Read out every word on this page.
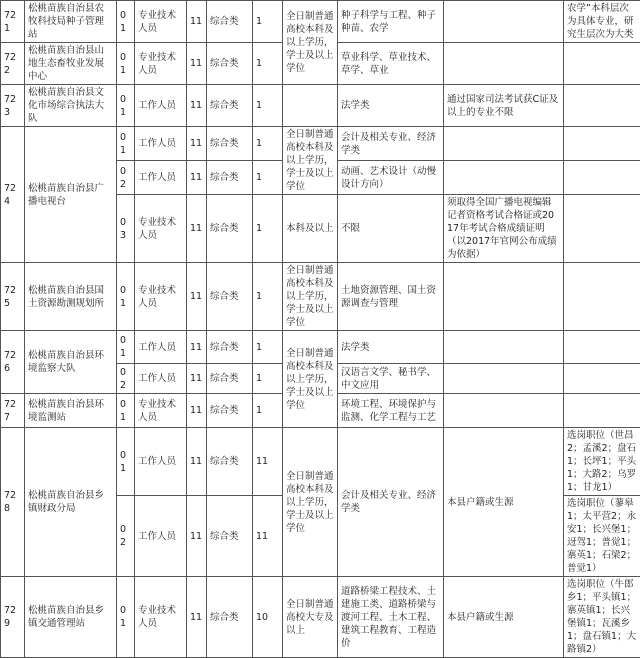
721	松桃苗族自治县农牧科技局种子管理站	01	专业技术人员	11	综合类	1	全日制普通高校本科及以上学历，学士及以上学位	种子科学与工程、种子种苗、农学		农学”本科层次为具体专业，研究生层次为大类
722	松桃苗族自治县山地生态畜牧业发展中心	01	专业技术人员	11	综合类	1		草业科学、草业技术、草学、草业		
723	松桃苗族自治县文化市场综合执法大队	01	工作人员	11	综合类	1		法学类	通过国家司法考试获C证及以上的专业不限	
724	松桃苗族自治县广播电视台	01	工作人员	11	综合类	1	全日制普通高校本科及以上学历，学士及以上学位	会计及相关专业、经济学类		
		02	工作人员	11	综合类	1		动画、艺术设计（动慢设计方向）		
		03	专业技术人员	11	综合类	1	本科及以上	不限	须取得全国广播电视编辑记者资格考试合格证或2017年考试合格成绩证明（以2017年官网公布成绩为依据）	
725	松桃苗族自治县国土资源勘测规划所	01	专业技术人员	11	综合类	1	全日制普通高校本科及以上学历，学士及以上学位	土地资源管理、国土资源调查与管理		
726	松桃苗族自治县环境监察大队	01	工作人员	11	综合类	1	全日制普通高校本科及以上学历，学士及以上学位	法学类		
		02	工作人员	11	综合类	1		汉语言文学、秘书学、中文应用		
727	松桃苗族自治县环境监测站	01	专业技术人员	11	综合类	1		环境工程、环境保护与监测、化学工程与工艺		
728	松桃苗族自治县乡镇财政分局	01	工作人员	11	综合类	11	全日制普通高校本科及以上学历，学士及以上学位	会计及相关专业、经济学类	本县户籍或生源	选岗职位（世昌2；孟溪2；盘石1；长坪1；平头1；大路2；乌罗1；甘龙1）
		02	工作人员	11	综合类	11				选岗职位（蓼皋1；太平营2；永安1；长兴堡1；迓驾1；普觉1；寨英1；石梁2；普觉1）
729	松桃苗族自治县乡镇交通管理站	01	专业技术人员	11	综合类	10	全日制普通高校大专及以上	道路桥梁工程技术、土建施工类、道路桥梁与渡河工程、土木工程、建筑工程教育、工程造价	本县户籍或生源	选岗职位（牛郎乡1；平头镇1；寨英镇1；长兴堡镇1；瓦溪乡1；盘石镇1；大路镇2）
